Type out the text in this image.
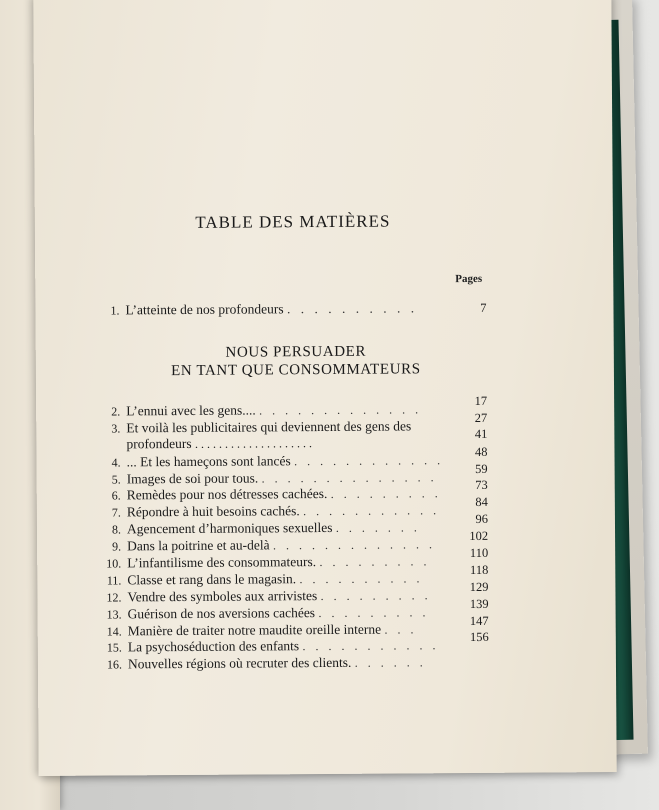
TABLE DES MATIÈRES
Pages
1. L’atteinte de nos profondeurs . . . . . . . . . .	7
NOUS PERSUADER
EN TANT QUE CONSOMMATEURS
2. L’ennui avec les gens.... . . . . . . . . . . . . .
17
3. Et voilà les publicitaires qui deviennent des gens des
27
profondeurs . . . . . . . . . . . . . . . . . . . .
41
4. ... Et les hameçons sont lancés . . . . . . . . . . . .
48
5. Images de soi pour tous. . . . . . . . . . . . . . .
59
6. Remèdes pour nos détresses cachées. . . . . . . . . .
73
7. Répondre à huit besoins cachés. . . . . . . . . . . .
84
8. Agencement d’harmoniques sexuelles . . . . . . .
96
9. Dans la poitrine et au-delà . . . . . . . . . . . . .
102
10. L’infantilisme des consommateurs. . . . . . . . . .
110
11. Classe et rang dans le magasin. . . . . . . . . . .
118
12. Vendre des symboles aux arrivistes . . . . . . . . .
129
13. Guérison de nos aversions cachées . . . . . . . . .
139
14. Manière de traiter notre maudite oreille interne . . .
147
15. La psychoséduction des enfants . . . . . . . . . . .
156
16. Nouvelles régions où recruter des clients. . . . . . .
